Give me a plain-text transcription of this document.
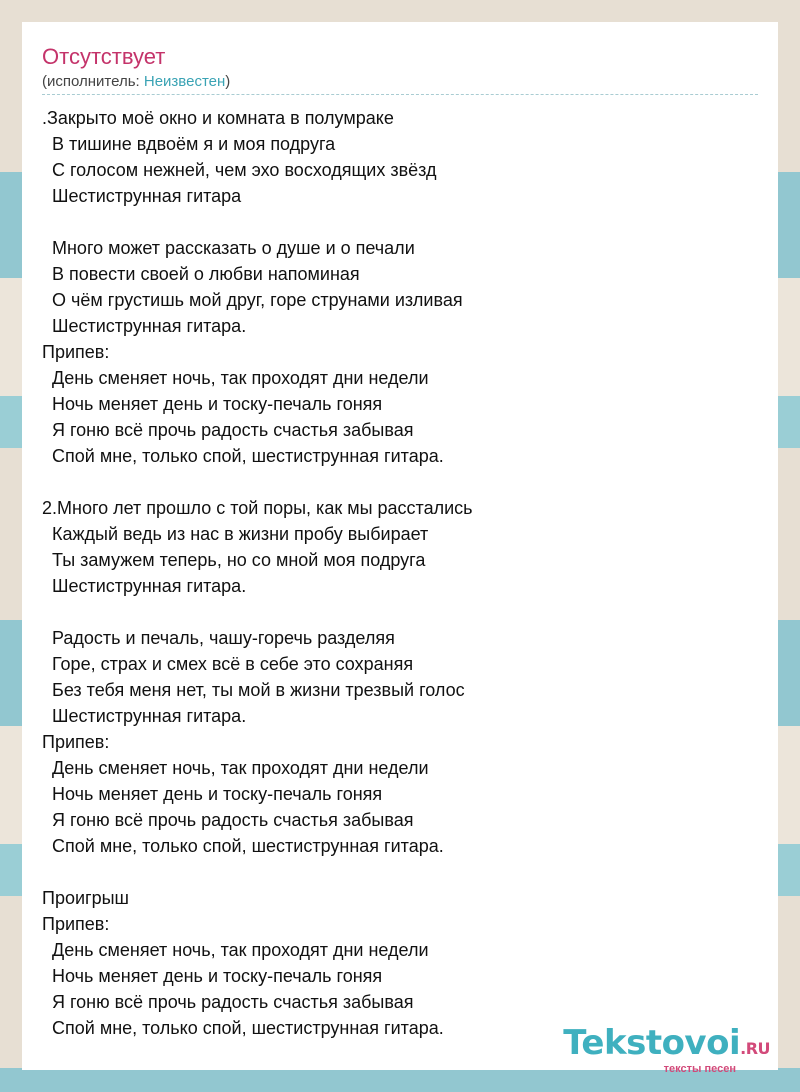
Отсутствует
(исполнитель: Неизвестен)
.Закрыто моё окно и комната в полумраке
В тишине вдвоём я и моя подруга
С голосом нежней, чем эхо восходящих звёзд
Шестиструнная гитара
Много может рассказать о душе и о печали
В повести своей о любви напоминая
О чём грустишь мой друг, горе струнами изливая
Шестиструнная гитара.
Припев:
День сменяет ночь, так проходят дни недели
Ночь меняет день и тоску-печаль гоняя
Я гоню всё прочь радость счастья забывая
Спой мне, только спой, шестиструнная гитара.
2.Много лет прошло с той поры, как мы расстались
Каждый ведь из нас в жизни пробу выбирает
Ты замужем теперь, но со мной моя подруга
Шестиструнная гитара.
Радость и печаль, чашу-горечь разделяя
Горе, страх и смех всё в себе это сохраняя
Без тебя меня нет, ты мой в жизни трезвый голос
Шестиструнная гитара.
Припев:
День сменяет ночь, так проходят дни недели
Ночь меняет день и тоску-печаль гоняя
Я гоню всё прочь радость счастья забывая
Спой мне, только спой, шестиструнная гитара.
Проигрыш
Припев:
День сменяет ночь, так проходят дни недели
Ночь меняет день и тоску-печаль гоняя
Я гоню всё прочь радость счастья забывая
Спой мне, только спой, шестиструнная гитара.	Tekstovoi.RU
тексты песен
